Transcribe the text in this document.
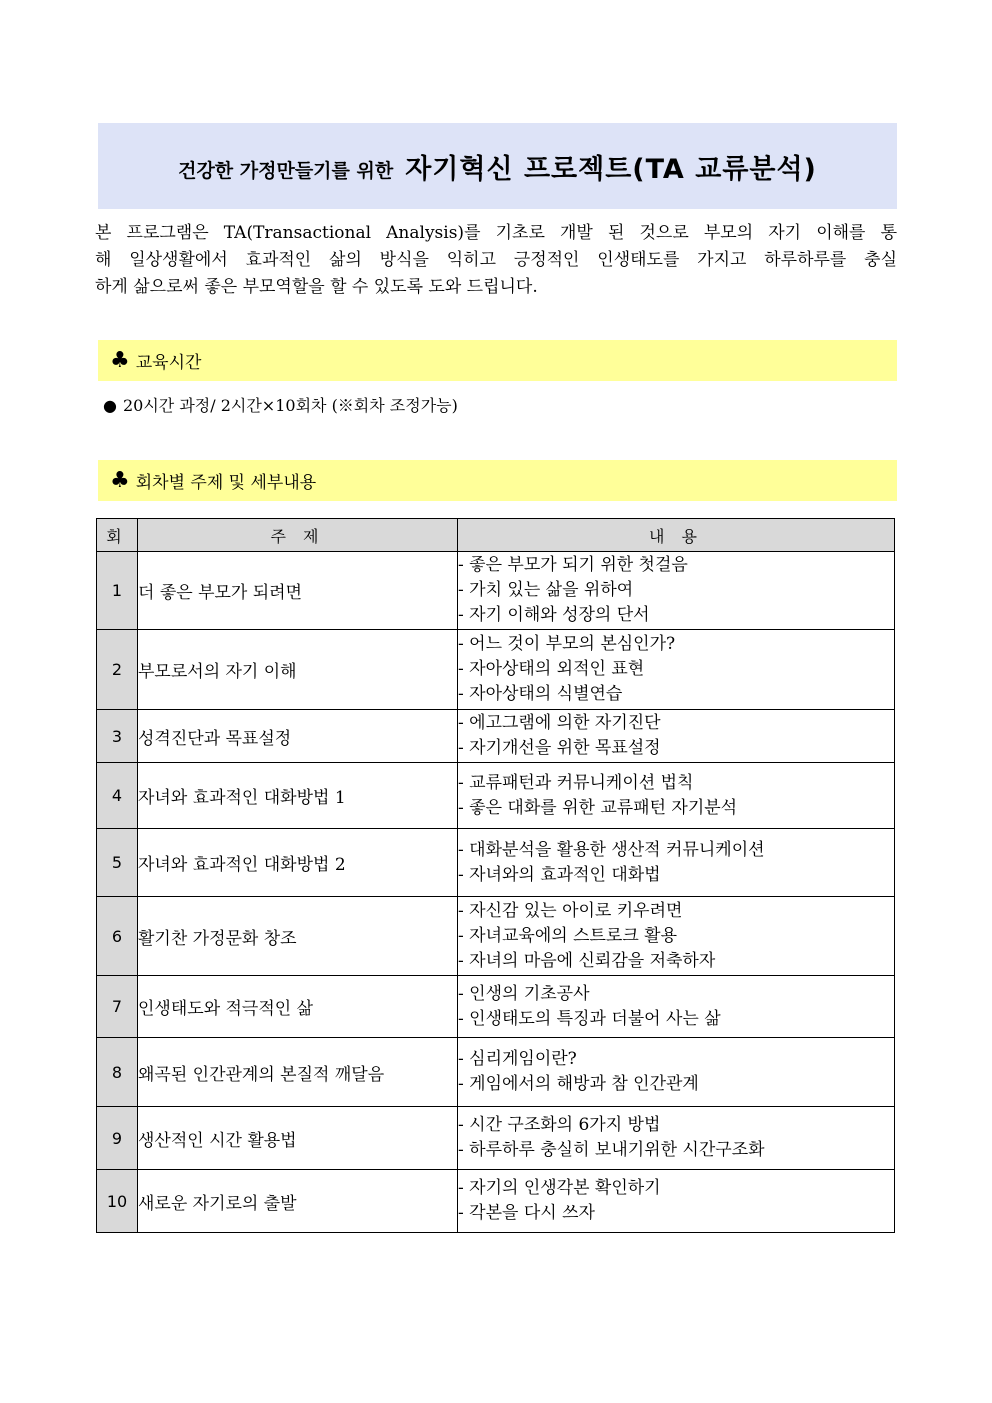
건강한 가정만들기를 위한 자기혁신 프로젝트(TA 교류분석)
본 프로그램은 TA(Transactional Analysis)를 기초로 개발 된 것으로 부모의 자기 이해를 통
해 일상생활에서 효과적인 삶의 방식을 익히고 긍정적인 인생태도를 가지고 하루하루를 충실
하게 삶으로써 좋은 부모역할을 할 수 있도록 도와 드립니다.
♣ 교육시간
● 20시간 과정/ 2시간×10회차 (※회차 조정가능)
♣ 회차별 주제 및 세부내용
회	주 제	내 용
1	더 좋은 부모가 되려면	- 좋은 부모가 되기 위한 첫걸음
- 가치 있는 삶을 위하여
- 자기 이해와 성장의 단서

2	부모로서의 자기 이해	- 어느 것이 부모의 본심인가?
- 자아상태의 외적인 표현
- 자아상태의 식별연습

3	성격진단과 목표설정	- 에고그램에 의한 자기진단
- 자기개선을 위한 목표설정

4	자녀와 효과적인 대화방법 1	- 교류패턴과 커뮤니케이션 법칙
- 좋은 대화를 위한 교류패턴 자기분석

5	자녀와 효과적인 대화방법 2	- 대화분석을 활용한 생산적 커뮤니케이션
- 자녀와의 효과적인 대화법

6	활기찬 가정문화 창조	- 자신감 있는 아이로 키우려면
- 자녀교육에의 스트로크 활용
- 자녀의 마음에 신뢰감을 저축하자

7	인생태도와 적극적인 삶	- 인생의 기초공사
- 인생태도의 특징과 더불어 사는 삶

8	왜곡된 인간관계의 본질적 깨달음	- 심리게임이란?
- 게임에서의 해방과 참 인간관계

9	생산적인 시간 활용법	- 시간 구조화의 6가지 방법
- 하루하루 충실히 보내기위한 시간구조화

10	새로운 자기로의 출발	- 자기의 인생각본 확인하기
- 각본을 다시 쓰자
